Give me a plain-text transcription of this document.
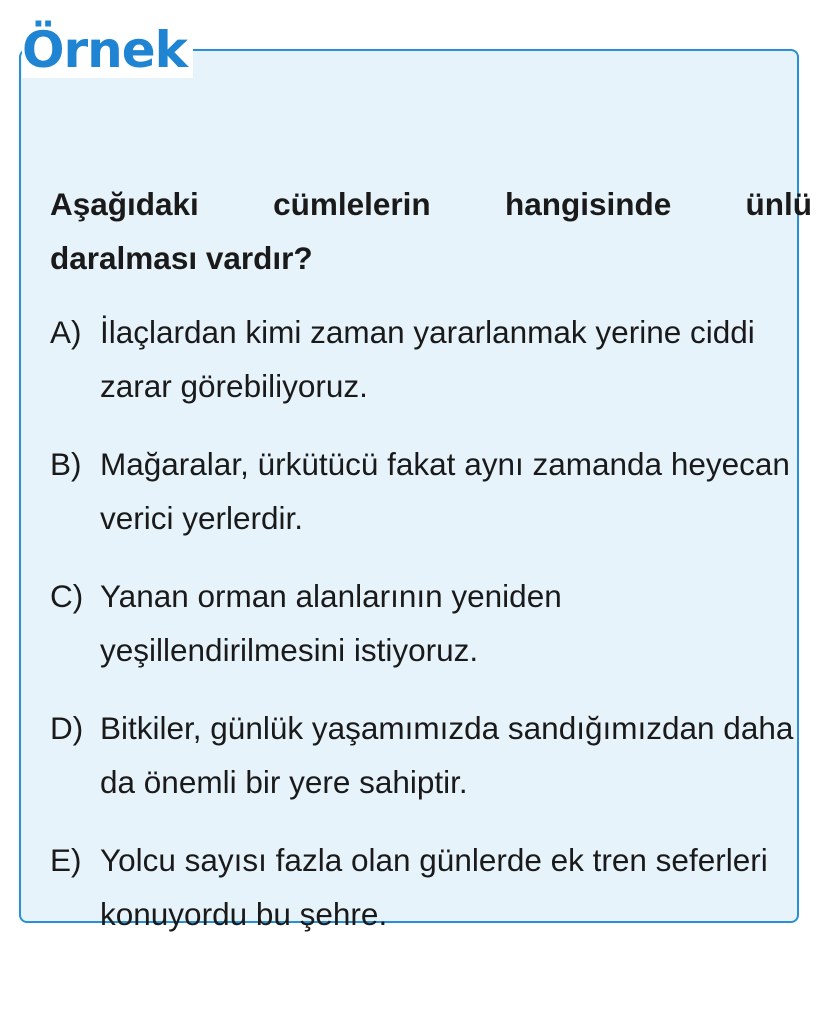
Aşağıdaki cümlelerin hangisinde ünlü
daralması vardır?

A) İlaçlardan kimi zaman yararlanmak yerine ciddi zarar görebiliyoruz.
B) Mağaralar, ürkütücü fakat aynı zamanda heyecan verici yerlerdir.
C) Yanan orman alanlarının yeniden yeşillendirilmesini istiyoruz.
D) Bitkiler, günlük yaşamımızda sandığımızdan daha da önemli bir yere sahiptir.
E) Yolcu sayısı fazla olan günlerde ek tren seferleri konuyordu bu şehre.
Örnek
